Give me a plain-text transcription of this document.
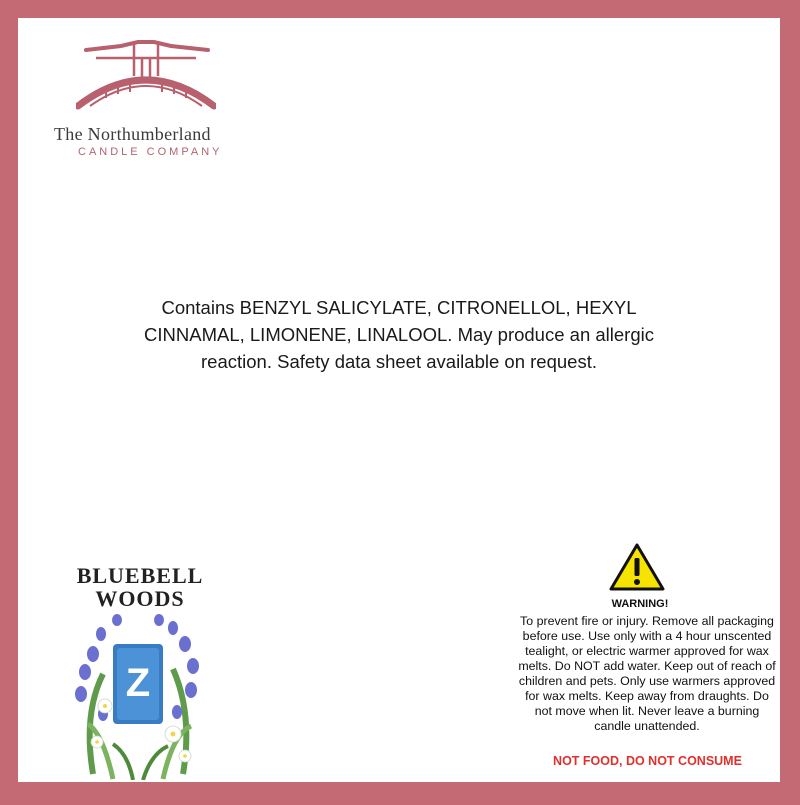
The Northumberland
CANDLE COMPANY
Contains BENZYL SALICYLATE, CITRONELLOL, HEXYL CINNAMAL, LIMONENE, LINALOOL. May produce an allergic reaction. Safety data sheet available on request.
BLUEBELL
WOODS
Z
WARNING!
To prevent fire or injury. Remove all packaging before use. Use only with a 4 hour unscented tealight, or electric warmer approved for wax melts. Do NOT add water. Keep out of reach of children and pets. Only use warmers approved for wax melts. Keep away from draughts. Do not move when lit. Never leave a burning candle unattended.
NOT FOOD, DO NOT CONSUME
